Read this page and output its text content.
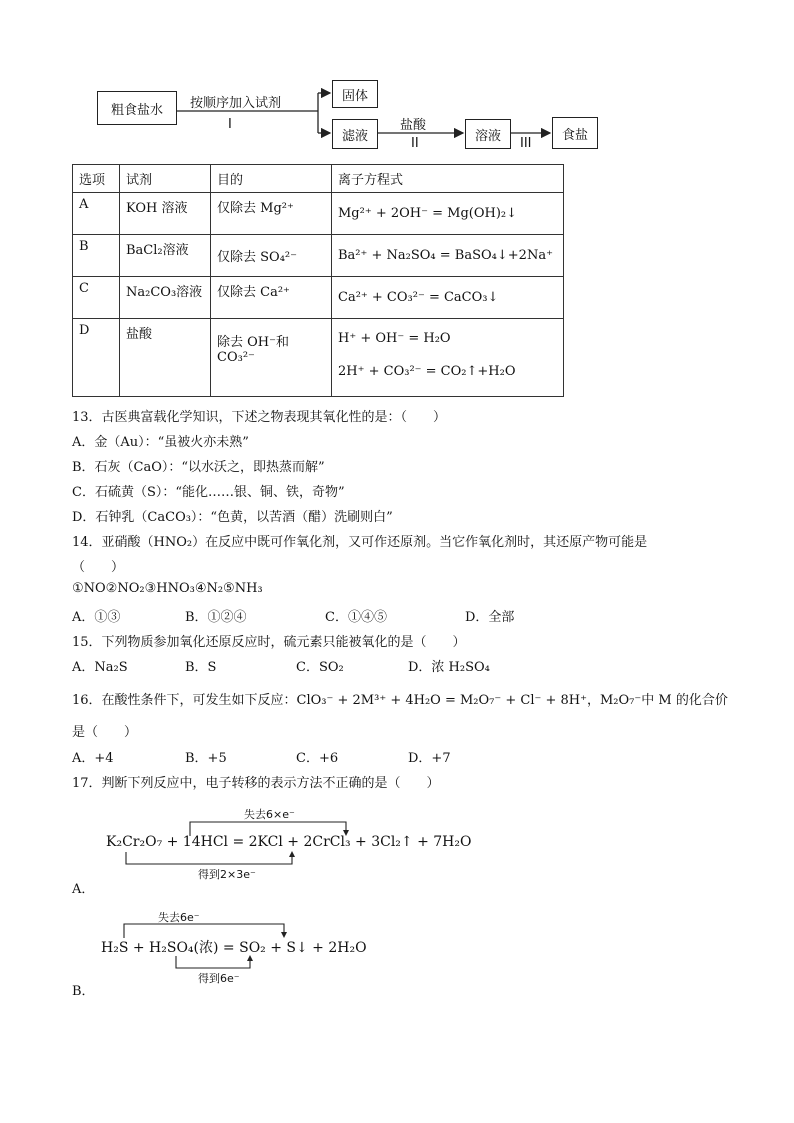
粗食盐水	按顺序加入试剂
I
固体
滤液
盐酸
II	溶液	III
食盐
选项	试剂	目的	离子方程式
A	KOH 溶液	仅除去 Mg²⁺	Mg²⁺ + 2OH⁻ = Mg(OH)₂↓
B	BaCl₂溶液	仅除去 SO₄²⁻	Ba²⁺ + Na₂SO₄ = BaSO₄↓+2Na⁺
C	Na₂CO₃溶液	仅除去 Ca²⁺	Ca²⁺ + CO₃²⁻ = CaCO₃↓
D	盐酸	除去 OH⁻和 CO₃²⁻	H⁺ + OH⁻ = H₂O
2H⁺ + CO₃²⁻ = CO₂↑+H₂O
13．古医典富载化学知识，下述之物表现其氧化性的是：（　　）
A．金（Au）：“虽被火亦未熟”
B．石灰（CaO）：“以水沃之，即热蒸而解”
C．石硫黄（S）：“能化……银、铜、铁，奇物”
D．石钟乳（CaCO₃）：“色黄，以苦酒（醋）洗刷则白”
14．亚硝酸（HNO₂）在反应中既可作氧化剂，又可作还原剂。当它作氧化剂时，其还原产物可能是
（　　）
①NO②NO₂③HNO₃④N₂⑤NH₃
A．①③	B．①②④	C．①④⑤	D．全部
15．下列物质参加氧化还原反应时，硫元素只能被氧化的是（　　）
A．Na₂S	B．S	C．SO₂	D．浓 H₂SO₄
16．在酸性条件下，可发生如下反应：ClO₃⁻ + 2M³⁺ + 4H₂O = M₂O₇⁻ + Cl⁻ + 8H⁺，M₂O₇⁻中 M 的化合价
是（　　）
A．+4	B．+5	C．+6	D．+7
17．判断下列反应中，电子转移的表示方法不正确的是（　　）
失去6×e⁻
K₂Cr₂O₇ + 14HCl = 2KCl + 2CrCl₃ + 3Cl₂↑ + 7H₂O
得到2×3e⁻
A．
失去6e⁻
H₂S + H₂SO₄(浓) = SO₂ + S↓ + 2H₂O
得到6e⁻
B．
